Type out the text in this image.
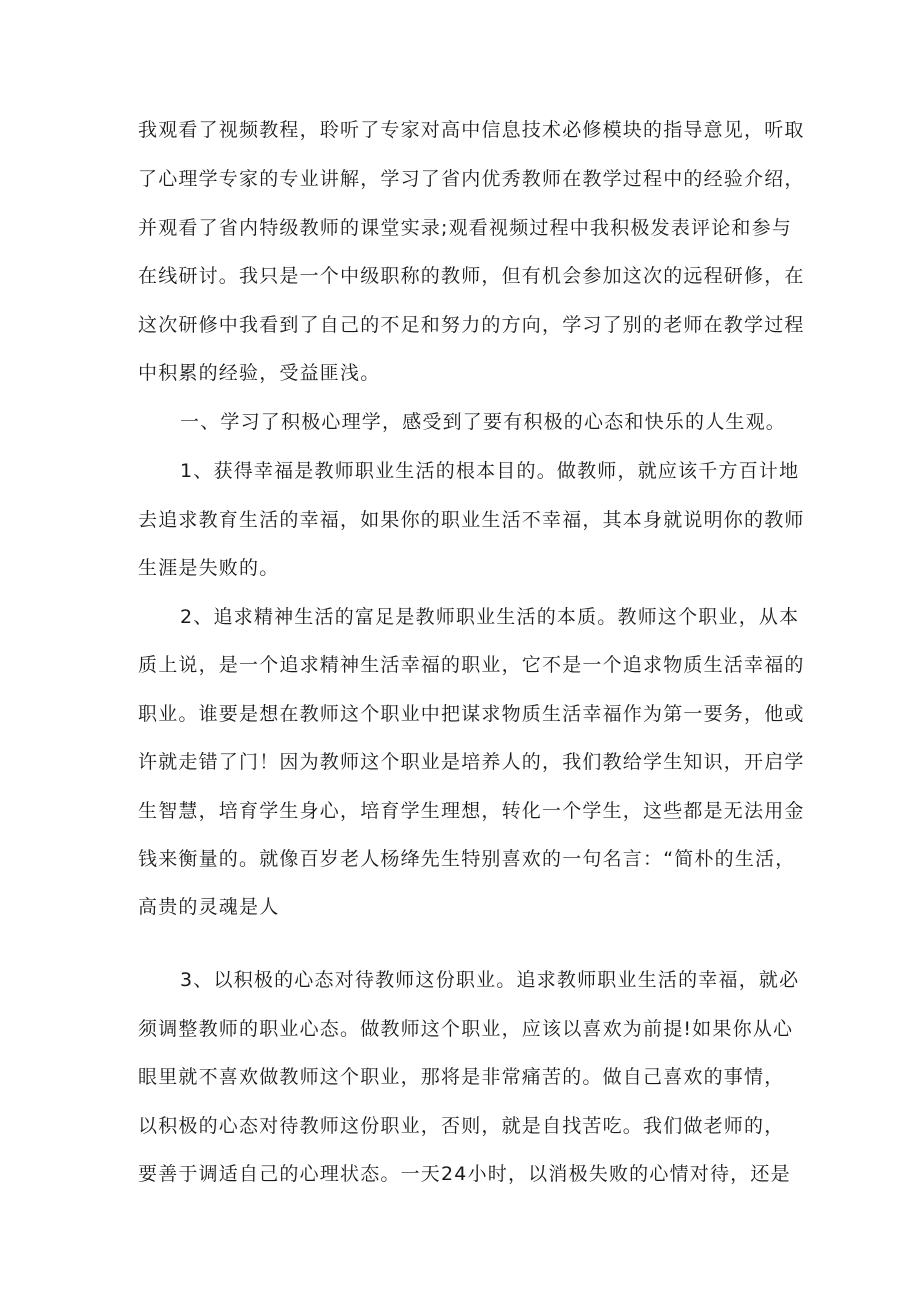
我观看了视频教程，聆听了专家对高中信息技术必修模块的指导意见，听取
了心理学专家的专业讲解，学习了省内优秀教师在教学过程中的经验介绍，
并观看了省内特级教师的课堂实录;观看视频过程中我积极发表评论和参与
在线研讨。我只是一个中级职称的教师，但有机会参加这次的远程研修，在
这次研修中我看到了自己的不足和努力的方向，学习了别的老师在教学过程
中积累的经验，受益匪浅。
一、学习了积极心理学，感受到了要有积极的心态和快乐的人生观。
1、获得幸福是教师职业生活的根本目的。做教师，就应该千方百计地
去追求教育生活的幸福，如果你的职业生活不幸福，其本身就说明你的教师
生涯是失败的。
2、追求精神生活的富足是教师职业生活的本质。教师这个职业，从本
质上说，是一个追求精神生活幸福的职业，它不是一个追求物质生活幸福的
职业。谁要是想在教师这个职业中把谋求物质生活幸福作为第一要务，他或
许就走错了门！因为教师这个职业是培养人的，我们教给学生知识，开启学
生智慧，培育学生身心，培育学生理想，转化一个学生，这些都是无法用金
钱来衡量的。就像百岁老人杨绛先生特别喜欢的一句名言：“简朴的生活，
高贵的灵魂是人
3、以积极的心态对待教师这份职业。追求教师职业生活的幸福，就必
须调整教师的职业心态。做教师这个职业，应该以喜欢为前提!如果你从心
眼里就不喜欢做教师这个职业，那将是非常痛苦的。做自己喜欢的事情，
以积极的心态对待教师这份职业，否则，就是自找苦吃。我们做老师的，
要善于调适自己的心理状态。一天24小时，以消极失败的心情对待，还是
